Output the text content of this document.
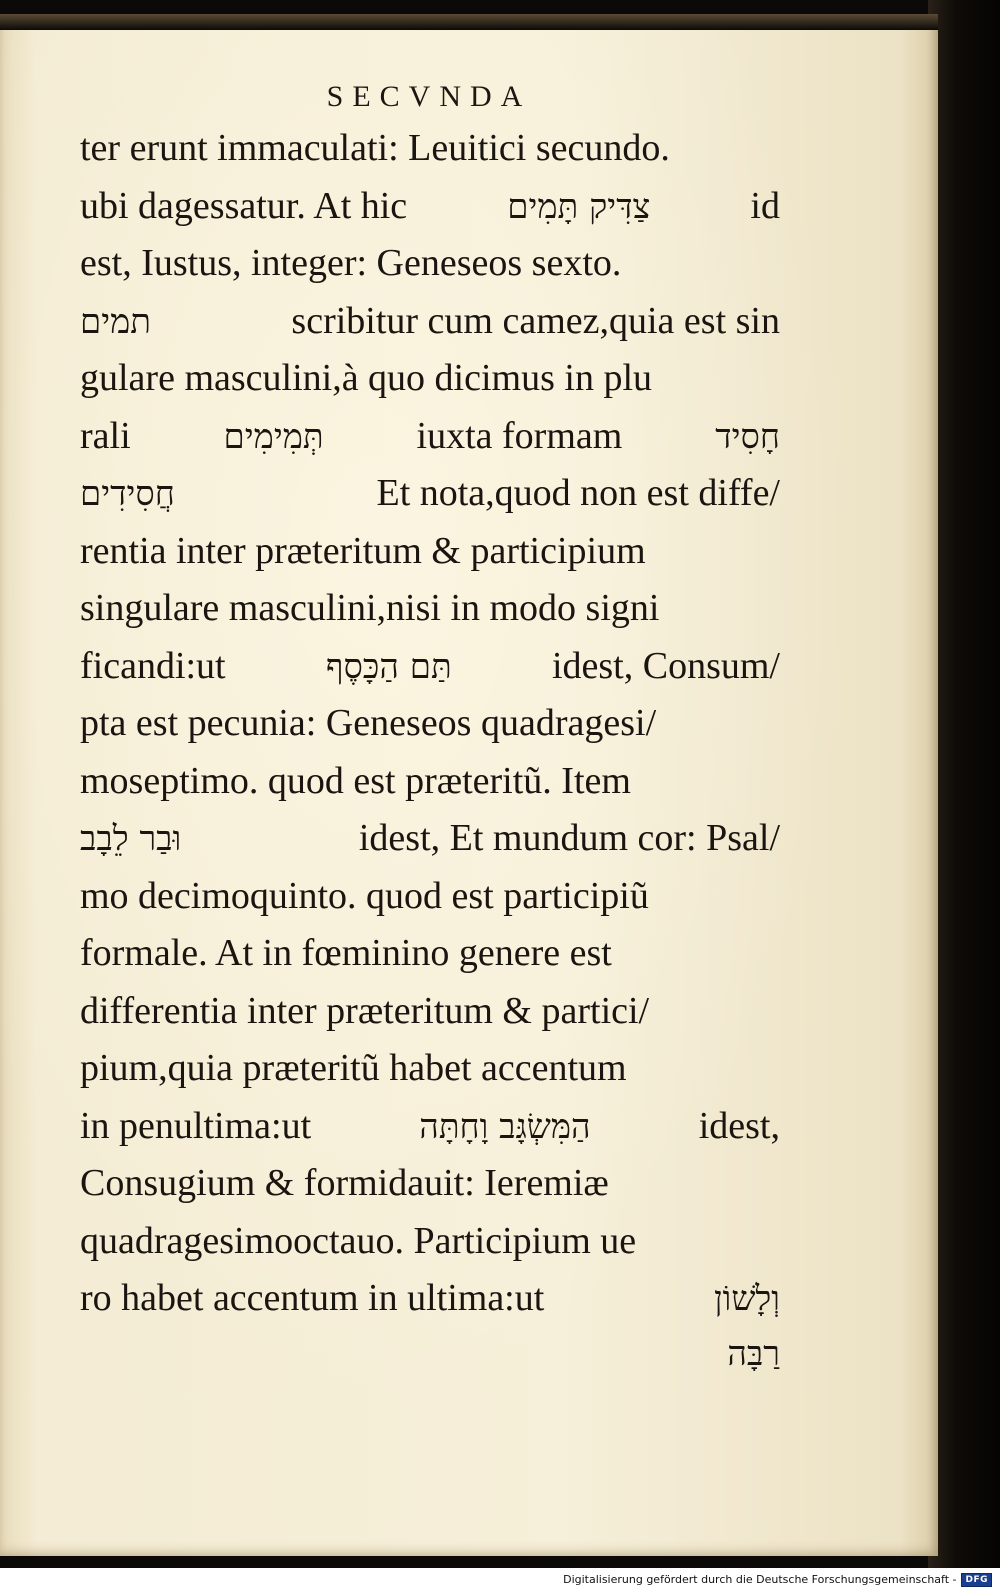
SECVNDA
ter erunt immaculati: Leuitici secundo.
ubi dagessatur. At hic	צַדִּיק תָּמִים	id
est, Iustus, integer: Geneseos sexto.
תמים	scribitur cum camez,quia est sin
gulare masculini,à quo dicimus in plu
rali	תְּמִימִים iuxta formam	חָסִיד
חֲסִידִים	Et nota,quod non est diffe/
rentia inter præteritum & participium
singulare masculini,nisi in modo signi
ficandi:ut	תַּם הַכָּסֶף	idest, Consum/
pta est pecunia: Geneseos quadragesi/
moseptimo. quod est præteritũ. Item
וּבַר לֵבָב	idest, Et mundum cor: Psal/
mo decimoquinto. quod est participiũ
formale. At in fœminino genere est
differentia inter præteritum & partici/
pium,quia præteritũ habet accentum
in penultima:ut	הַמִּשְׂגָּב וָחָתָּה	idest,
Consugium & formidauit: Ieremiæ
quadragesimooctauo. Participium ue
ro habet accentum in ultima:ut	וְלָשׁוֹן
רַבָּה
Digitalisierung gefördert durch die Deutsche Forschungsgemeinschaft -	DFG
